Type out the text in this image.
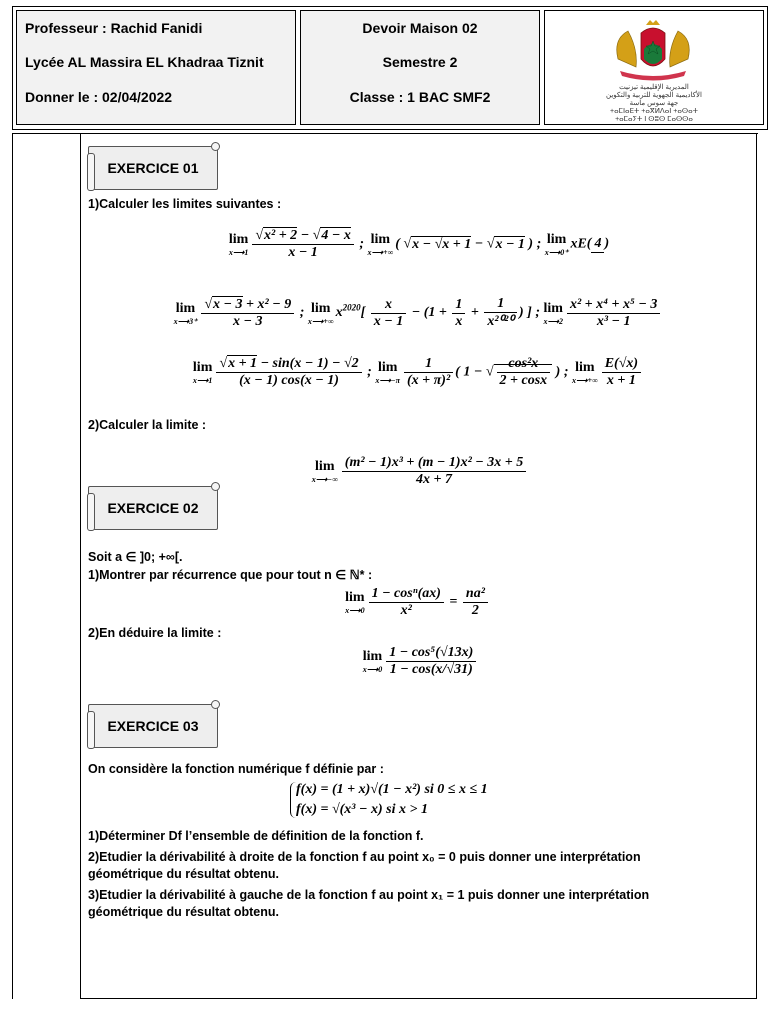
Professeur : Rachid Fanidi
Lycée AL Massira EL Khadraa Tiznit
Donner le : 02/04/2022
Devoir Maison 02
Semestre 2
Classe : 1 BAC SMF2
المديرية الإقليمية تيزنيت
الأكاديمية الجهوية للتربية والتكوين
جهة سوس ماسة
+ⴰⵎⵏⴰⴹⵜ +ⴰⴳⵍⴷⴰⵏ +ⴰⵙⴰⵜ
+ⴰⵎⴰⵢⵜ ⵏ ⵙⵓⵙ ⵎⴰⵙⵙⴰ
EXERCICE 01
1)Calculer les limites suivantes :
lim
x⟶1 $\frac{\text{√x² + 2 − √4 − x}}{x - 1}$ ; lim
x⟶+∞
( √x − √x + 1 − √x − 1 ) ; lim
x⟶0⁺
xE( 4 )
lim
x⟶3⁺ $\frac{\text{√x − 3 + x² − 9}}{x - 3}$ ; lim
x⟶+∞
$x^{2020}[ \frac{x}{x - 1} - (1 + \frac{1}{x} + \frac{1}{\text{x²⁰²⁰}}$ ) ] ; lim
x⟶2 $\frac{\text{x² + x⁴ + x⁵ − 3}}{\text{x³ − 1}}$
lim
x⟶1 $\frac{√x + 1 - \sin(x - 1) - √2}{(x - 1) \cos(x - 1)}$ ; lim
x⟶−π $\frac{1}{\text{(x + π)²}}$ ( 1 − √ $\frac{\text{cos²x}}{2 + \cos x}$ ) ; lim
x⟶+∞ $\frac{E(√x)}{x + 1}$
2)Calculer la limite :
lim
x⟶−∞ $\frac{\text{(m² − 1)x³ + (m − 1)x² − 3x + 5}}{4x + 7}$
EXERCICE 02
Soit a ∈ ]0; +∞[.
1)Montrer par récurrence que pour tout n ∈ ℕ* :
lim
x⟶0 $\frac{\text{1 − cosⁿ(ax)}}{\text{x²}} = \frac{\text{na²}}{2}$
2)En déduire la limite :
lim
x⟶0 $\frac{\text{1 − cos⁵(√13x)}}{1 - \cos(x/√31)}$
EXERCICE 03
On considère la fonction numérique f définie par :
f(x) = (1 + x)√(1 − x²) si 0 ≤ x ≤ 1
f(x) = √(x³ − x) si x > 1
1)Déterminer Df l’ensemble de définition de la fonction f.
2)Etudier la dérivabilité à droite de la fonction f au point x₀ = 0 puis donner une interprétation
géométrique du résultat obtenu.
3)Etudier la dérivabilité à gauche de la fonction f au point x₁ = 1 puis donner une interprétation
géométrique du résultat obtenu.
